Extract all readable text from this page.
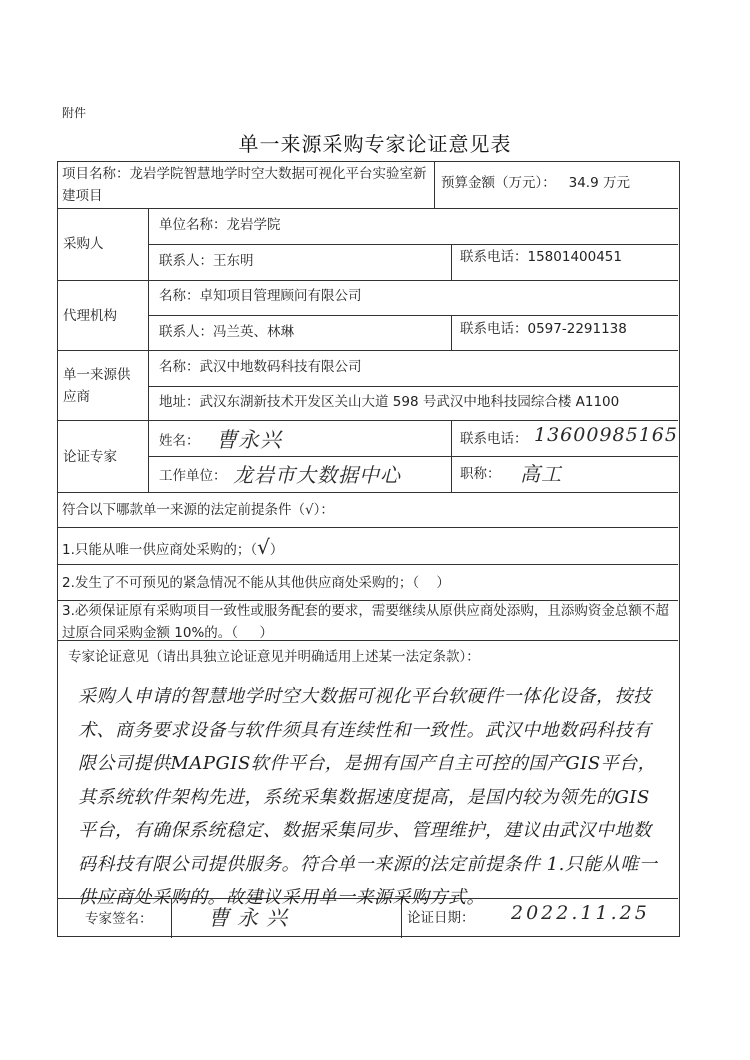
附件
单一来源采购专家论证意见表
项目名称：龙岩学院智慧地学时空大数据可视化平台实验室新建项目
预算金额（万元）： 34.9 万元
采购人
单位名称：龙岩学院
联系人：王东明	联系电话：15801400451
代理机构
名称：卓知项目管理顾问有限公司
联系人：冯兰英、林琳	联系电话：0597-2291138
单一来源供应商
名称：武汉中地数码科技有限公司
地址：武汉东湖新技术开发区关山大道 598 号武汉中地科技园综合楼 A1100
论证专家
姓名： 曹永兴	联系电话： 13600985165
工作单位： 龙岩市大数据中心	职称： 高工
符合以下哪款单一来源的法定前提条件（√）：
1.只能从唯一供应商处采购的；（√）
2.发生了不可预见的紧急情况不能从其他供应商处采购的；（ ）
3.必须保证原有采购项目一致性或服务配套的要求，需要继续从原供应商处添购，且添购资金总额不超过原合同采购金额 10%的。（ ）
专家论证意见（请出具独立论证意见并明确适用上述某一法定条款）：
采购人申请的智慧地学时空大数据可视化平台软硬件一体化设备，按技术、商务要求设备与软件须具有连续性和一致性。武汉中地数码科技有限公司提供MAPGIS软件平台，是拥有国产自主可控的国产GIS平台，其系统软件架构先进，系统采集数据速度提高，是国内较为领先的GIS平台，有确保系统稳定、数据采集同步、管理维护，建议由武汉中地数码科技有限公司提供服务。符合单一来源的法定前提条件 1.只能从唯一供应商处采购的。故建议采用单一来源采购方式。
专家签名：	曹永兴	论证日期： 2022.11.25
